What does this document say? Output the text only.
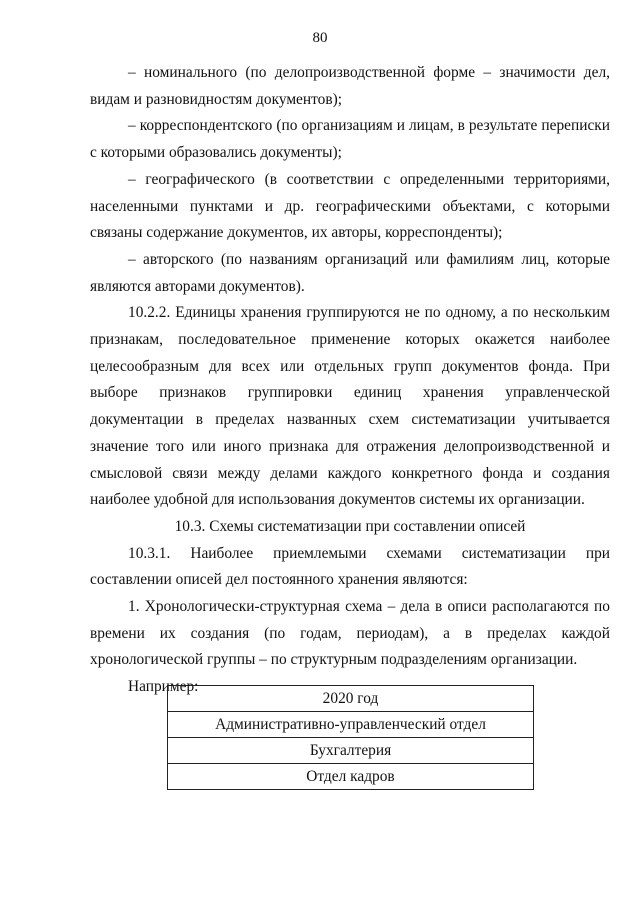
80

– номинального (по делопроизводственной форме – значимости дел, видам и разновидностям документов);

– корреспондентского (по организациям и лицам, в результате переписки с которыми образовались документы);

– географического (в соответствии с определенными территориями, населенными пунктами и др. географическими объектами, с которыми связаны содержание документов, их авторы, корреспонденты);

– авторского (по названиям организаций или фамилиям лиц, которые являются авторами документов).

10.2.2. Единицы хранения группируются не по одному, а по нескольким признакам, последовательное применение которых окажется наиболее целесообразным для всех или отдельных групп документов фонда. При выборе признаков группировки единиц хранения управленческой документации в пределах названных схем систематизации учитывается значение того или иного признака для отражения делопроизводственной и смысловой связи между делами каждого конкретного фонда и создания наиболее удобной для использования документов системы их организации.

10.3. Схемы систематизации при составлении описей

10.3.1. Наиболее приемлемыми схемами систематизации при составлении описей дел постоянного хранения являются:

1. Хронологически-структурная схема – дела в описи располагаются по времени их создания (по годам, периодам), а в пределах каждой хронологической группы – по структурным подразделениям организации.

Например:

2020 год
Административно-управленческий отдел
Бухгалтерия
Отдел кадров
